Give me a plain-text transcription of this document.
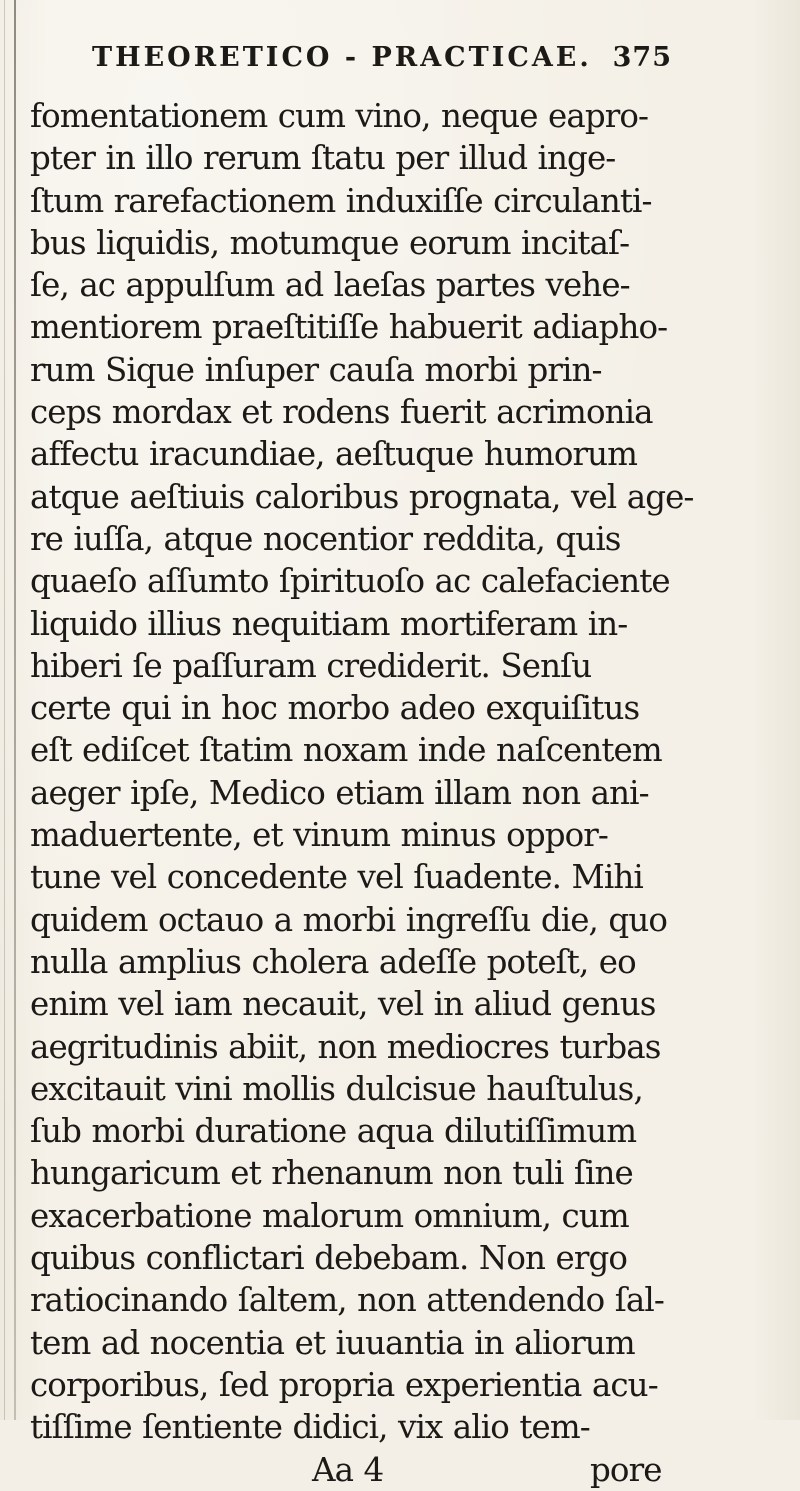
THEORETICO - PRACTICAE. 375
fomentationem cum vino, neque eapro-
pter in illo rerum ſtatu per illud inge-
ſtum rarefactionem induxiſſe circulanti-
bus liquidis, motumque eorum incitaſ-
ſe, ac appulſum ad laeſas partes vehe-
mentiorem praeſtitiſſe habuerit adiapho-
rum Sique inſuper cauſa morbi prin-
ceps mordax et rodens fuerit acrimonia
affectu iracundiae, aeſtuque humorum
atque aeſtiuis caloribus prognata, vel age-
re iuſſa, atque nocentior reddita, quis
quaeſo aſſumto ſpirituoſo ac calefaciente
liquido illius nequitiam mortiferam in-
hiberi ſe paſſuram crediderit. Senſu
certe qui in hoc morbo adeo exquiſitus
eſt ediſcet ſtatim noxam inde naſcentem
aeger ipſe, Medico etiam illam non ani-
maduertente, et vinum minus oppor-
tune vel concedente vel ſuadente. Mihi
quidem octauo a morbi ingreſſu die, quo
nulla amplius cholera adeſſe poteſt, eo
enim vel iam necauit, vel in aliud genus
aegritudinis abiit, non mediocres turbas
excitauit vini mollis dulcisue hauſtulus,
ſub morbi duratione aqua dilutiſſimum
hungaricum et rhenanum non tuli ſine
exacerbatione malorum omnium, cum
quibus conflictari debebam. Non ergo
ratiocinando ſaltem, non attendendo ſal-
tem ad nocentia et iuuantia in aliorum
corporibus, ſed propria experientia acu-
tiſſime ſentiente didici, vix alio tem-
Aa 4	pore
